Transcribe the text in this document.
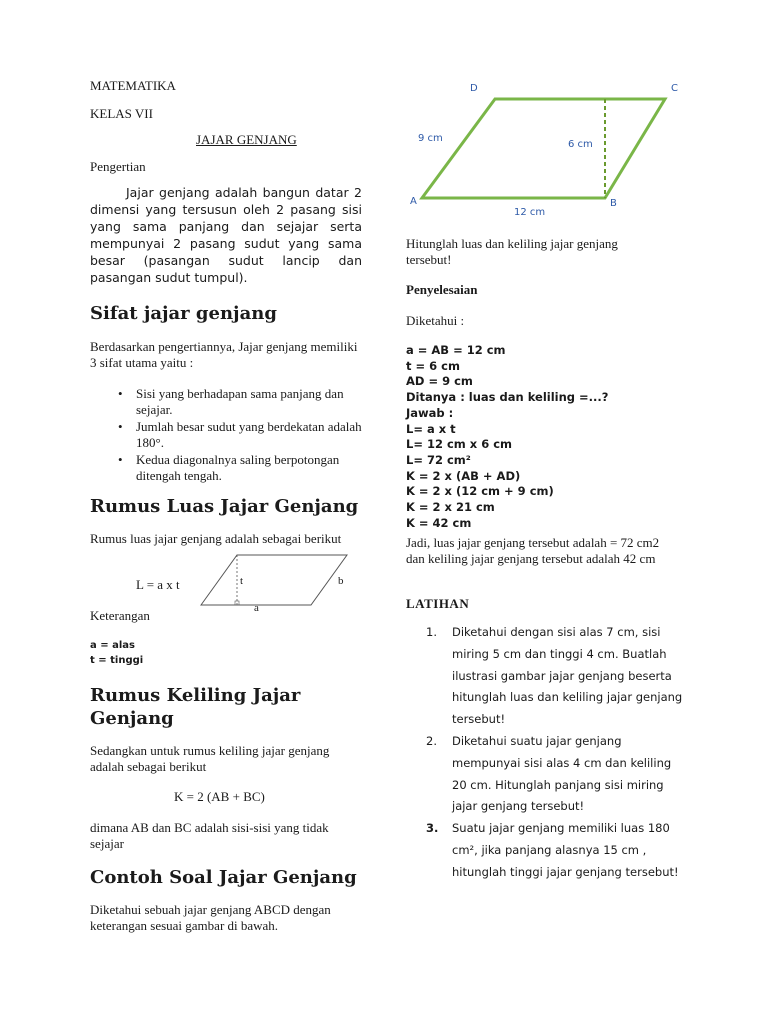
MATEMATIKA
KELAS VII
JAJAR GENJANG
Pengertian
Jajar genjang adalah bangun datar 2 dimensi yang tersusun oleh 2 pasang sisi yang sama panjang dan sejajar serta mempunyai 2 pasang sudut yang sama besar (pasangan sudut lancip dan pasangan sudut tumpul).
Sifat jajar genjang
Berdasarkan pengertiannya, Jajar genjang memiliki 3 sifat utama yaitu :
• Sisi yang berhadapan sama panjang dan sejajar.
• Jumlah besar sudut yang berdekatan adalah 180°.
• Kedua diagonalnya saling berpotongan ditengah tengah.
Rumus Luas Jajar Genjang
Rumus luas jajar genjang adalah sebagai berikut
L = a x t	t	b
a
Keterangan
a = alas
t = tinggi
Rumus Keliling Jajar
Genjang
Sedangkan untuk rumus keliling jajar genjang adalah sebagai berikut
K = 2 (AB + BC)
dimana AB dan BC adalah sisi-sisi yang tidak sejajar
Contoh Soal Jajar Genjang
Diketahui sebuah jajar genjang ABCD dengan keterangan sesuai gambar di bawah.
D	C
A	B
9 cm
6 cm
12 cm
Hitunglah luas dan keliling jajar genjang tersebut!
Penyelesaian
Diketahui :
a = AB = 12 cm
t = 6 cm
AD = 9 cm
Ditanya : luas dan keliling =...?
Jawab :
L= a x t
L= 12 cm x 6 cm
L= 72 cm²
K = 2 x (AB + AD)
K = 2 x (12 cm + 9 cm)
K = 2 x 21 cm
K = 42 cm
Jadi, luas jajar genjang tersebut adalah = 72 cm2 dan keliling jajar genjang tersebut adalah 42 cm
LATIHAN
1. Diketahui dengan sisi alas 7 cm, sisi miring 5 cm dan tinggi 4 cm. Buatlah ilustrasi gambar jajar genjang beserta hitunglah luas dan keliling jajar genjang tersebut!
2. Diketahui suatu jajar genjang mempunyai sisi alas 4 cm dan keliling 20 cm. Hitunglah panjang sisi miring jajar genjang tersebut!
3. Suatu jajar genjang memiliki luas 180 cm², jika panjang alasnya 15 cm , hitunglah tinggi jajar genjang tersebut!
